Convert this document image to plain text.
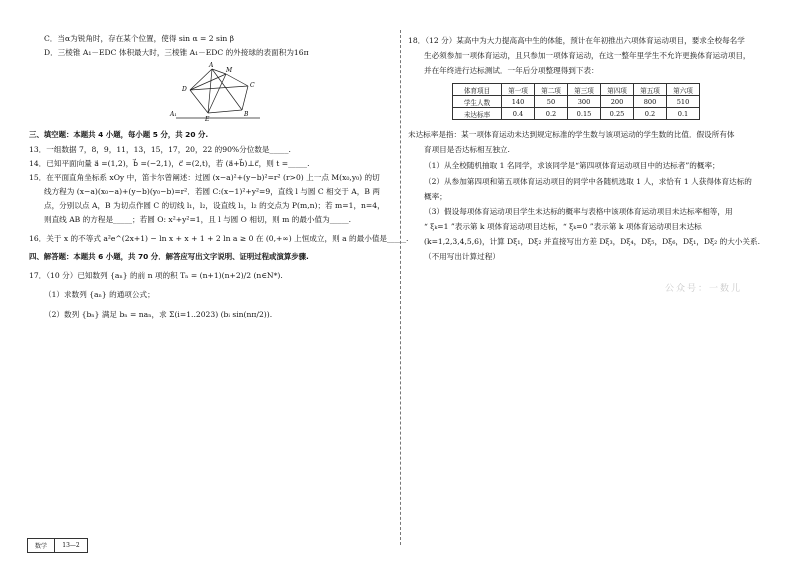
C．当α为锐角时，存在某个位置，使得 sin α = 2 sin β
D．三棱锥 A₁－EDC 体积最大时，三棱锥 A₁－EDC 的外接球的表面积为16π
A
M
D
C
B
E
A₁
三、填空题：本题共 4 小题，每小题 5 分，共 20 分.
13．一组数据 7，8，9，11，13，15，17，20，22 的90%分位数是_____.
14．已知平面向量 a⃗ =(1,2)，b⃗ =(−2,1)，c⃗ =(2,t)，若 (a⃗+b⃗)⊥c⃗，则 t =_____.
15．在平面直角坐标系 xOy 中，笛卡尔曾阐述：过圆 (x−a)²+(y−b)²=r² (r>0) 上一点 M(x₀,y₀) 的切
线方程为 (x−a)(x₀−a)+(y−b)(y₀−b)=r²．若圆 C:(x−1)²+y²=9，直线 l 与圆 C 相交于 A，B 两
点，分别以点 A，B 为切点作圆 C 的切线 l₁，l₂，设直线 l₁，l₂ 的交点为 P(m,n)；若 m=1，n=4，
则直线 AB 的方程是_____；若圆 O: x²+y²=1，且 l 与圆 O 相切，则 m 的最小值为_____.
16．关于 x 的不等式 a²e^(2x+1) − ln x + x + 1 + 2 ln a ≥ 0 在 (0,+∞) 上恒成立，则 a 的最小值是_____.
四、解答题：本题共 6 小题，共 70 分．解答应写出文字说明、证明过程或演算步骤.
17．（10 分）已知数列 {aₙ} 的前 n 项的积 Tₙ = (n+1)(n+2)/2 (n∈N*).
（1）求数列 {aₙ} 的通项公式；
（2）数列 {bₙ} 满足 bₙ = naₙ，求 Σ(i=1..2023) (bᵢ sin(nπ/2)).
数学	13—2
18．（12 分）某高中为大力提高高中生的体能，预计在年初推出六项体育运动项目，要求全校每名学
生必须参加一项体育运动，且只参加一项体育运动，在这一整年里学生不允许更换体育运动项目，
并在年终进行达标测试．一年后分项整理得到下表：
体育项目	第一项	第二项	第三项	第四项	第五项	第六项
学生人数	140	50	300	200	800	510
未达标率	0.4	0.2	0.15	0.25	0.2	0.1
未达标率是指：某一项体育运动未达到规定标准的学生数与该项运动的学生数的比值．假设所有体
育项目是否达标相互独立.
（1）从全校随机抽取 1 名同学，求该同学是“第四项体育运动项目中的达标者”的概率；
（2）从参加第四项和第五项体育运动项目的同学中各随机选取 1 人，求恰有 1 人获得体育达标的
概率；
（3）假设每项体育运动项目学生未达标的概率与表格中该项体育运动项目未达标率相等，用
“ ξₖ=1 ”表示第 k 项体育运动项目达标，“ ξₖ=0 ”表示第 k 项体育运动项目未达标
(k=1,2,3,4,5,6)，计算 Dξ₁，Dξ₂ 并直接写出方差 Dξ₃，Dξ₄，Dξ₅，Dξ₆，Dξ₁，Dξ₂ 的大小关系.
（不用写出计算过程）
公众号：一数儿
